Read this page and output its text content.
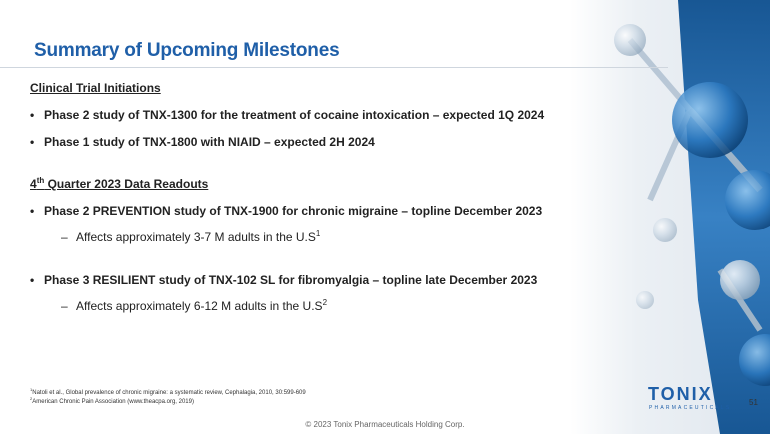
Summary of Upcoming Milestones
Clinical Trial Initiations
• Phase 2 study of TNX-1300 for the treatment of cocaine intoxication – expected 1Q 2024
• Phase 1 study of TNX-1800 with NIAID – expected 2H 2024
4th Quarter 2023 Data Readouts
• Phase 2 PREVENTION study of TNX-1900 for chronic migraine – topline December 2023
– Affects approximately 3-7 M adults in the $U.S^1$
• Phase 3 RESILIENT study of TNX-102 SL for fibromyalgia – topline late December 2023
– Affects approximately 6-12 M adults in the $U.S^2$
$^1$Natoli et al., Global prevalence of chronic migraine: a systematic review, Cephalagia, 2010, 30:599-609
$^2$American Chronic Pain Association (www.theacpa.org, 2019)	TONIX
PHARMACEUTICALS
51
© 2023 Tonix Pharmaceuticals Holding Corp.
